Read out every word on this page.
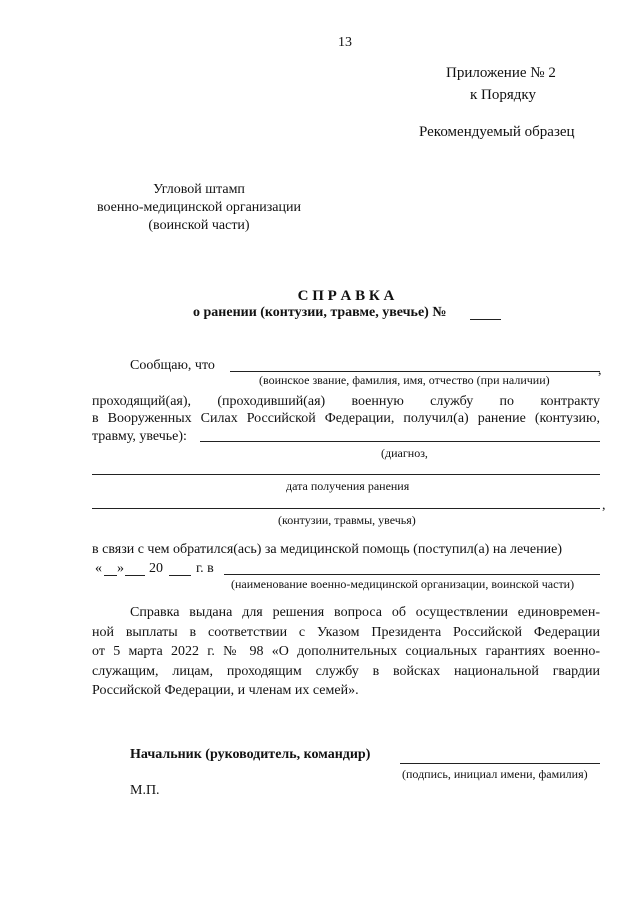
13
Приложение № 2
к Порядку
Рекомендуемый образец
Угловой штамп
военно-медицинской организации
(воинской части)
С П Р А В К А
о ранении (контузии, травме, увечье) №
Сообщаю, что	,
(воинское звание, фамилия, имя, отчество (при наличии)
проходящий(ая), (проходивший(ая) военную службу по контракту
в Вооруженных Силах Российской Федерации, получил(а) ранение (контузию,
травму, увечье):
(диагноз,
дата получения ранения
,
(контузии, травмы, увечья)
в связи с чем обратился(ась) за медицинской помощь (поступил(а) на лечение)
« » 20 г. в
(наименование военно-медицинской организации, воинской части)
Справка выдана для решения вопроса об осуществлении единовремен-
ной выплаты в соответствии с Указом Президента Российской Федерации
от 5 марта 2022 г. № 98 «О дополнительных социальных гарантиях военно-
служащим, лицам, проходящим службу в войсках национальной гвардии
Российской Федерации, и членам их семей».
Начальник (руководитель, командир)
(подпись, инициал имени, фамилия)
М.П.
